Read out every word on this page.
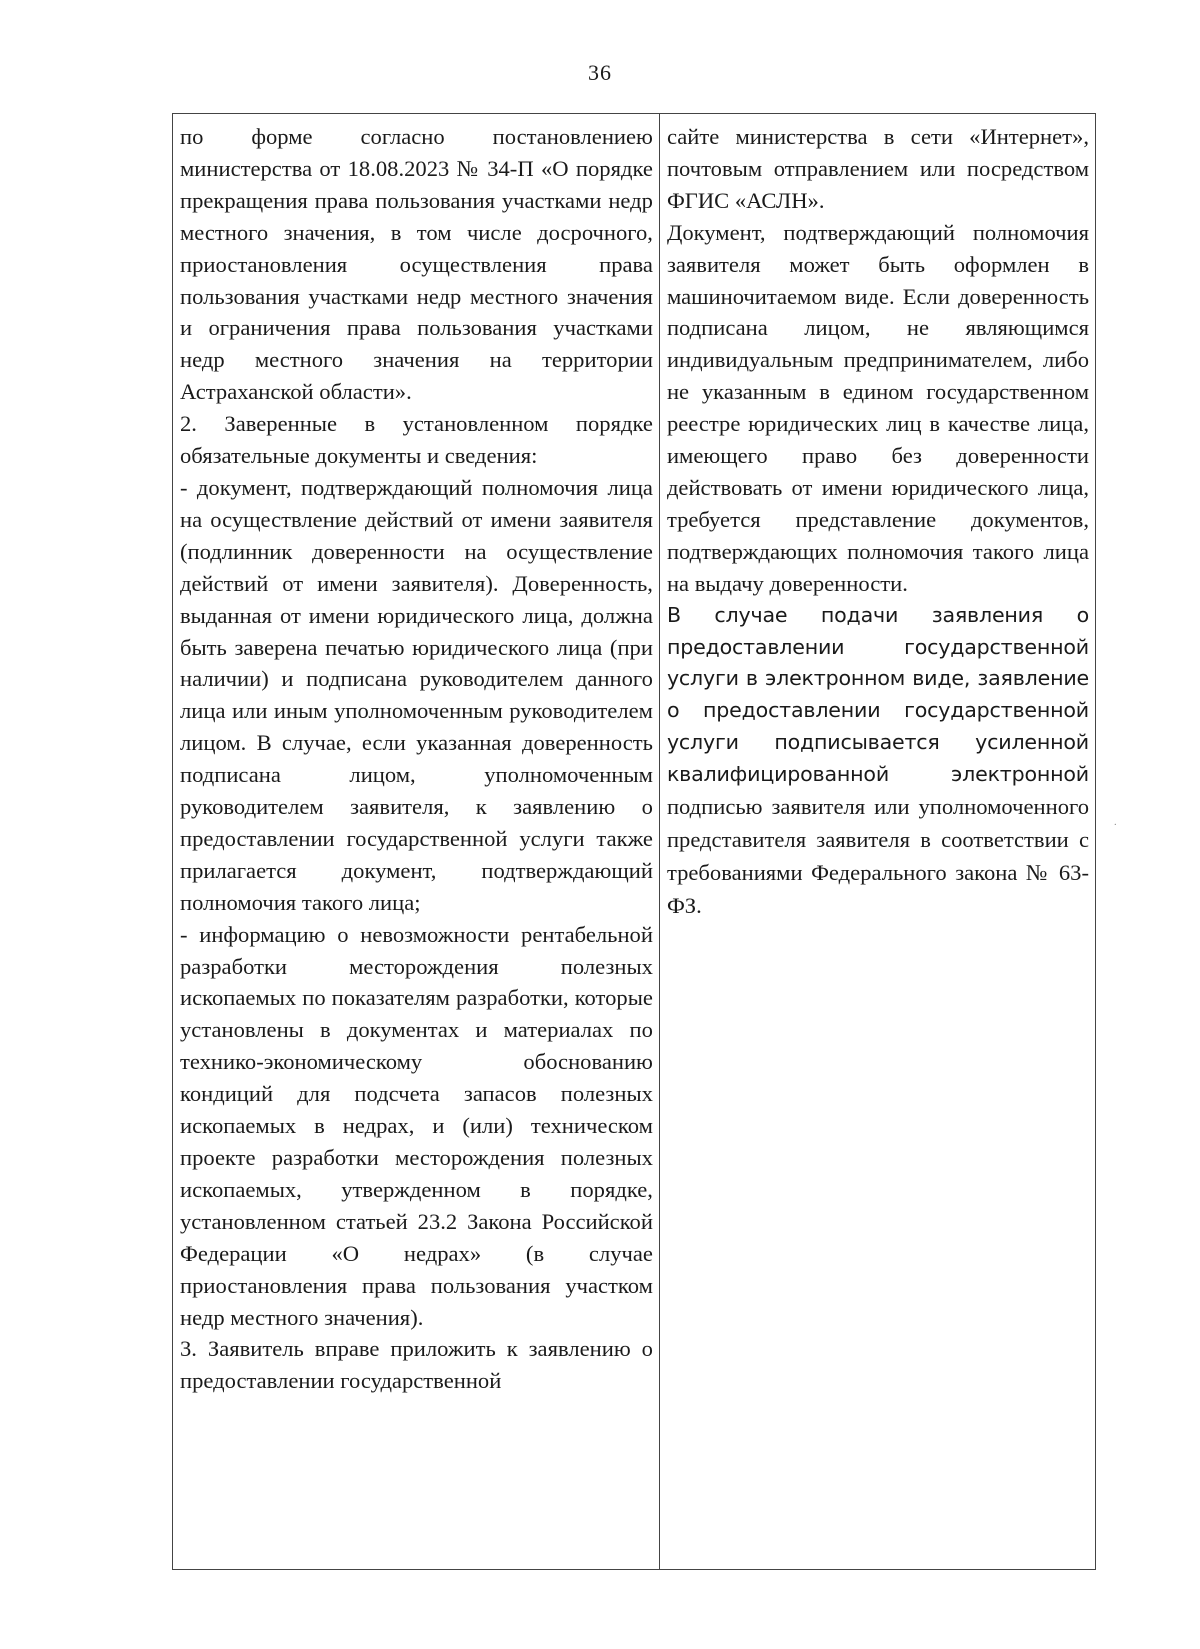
36

по форме согласно постановлениею министерства от 18.08.2023 № 34-П «О порядке прекращения права пользования участками недр местного значения, в том числе досрочного, приостановления осуществления права пользования участками недр местного значения и ограничения права пользования участками недр местного значения на территории Астраханской области».

2. Заверенные в установленном порядке обязательные документы и сведения:

- документ, подтверждающий полномочия лица на осуществление действий от имени заявителя (подлинник доверенности на осуществление действий от имени заявителя). Доверенность, выданная от имени юридического лица, должна быть заверена печатью юридического лица (при наличии) и подписана руководителем данного лица или иным уполномоченным руководителем лицом. В случае, если указанная доверенность подписана лицом, уполномоченным руководителем заявителя, к заявлению о предоставлении государственной услуги также прилагается документ, подтверждающий полномочия такого лица;

- информацию о невозможности рентабельной разработки месторождения полезных ископаемых по показателям разработки, которые установлены в документах и материалах по технико-экономическому обоснованию кондиций для подсчета запасов полезных ископаемых в недрах, и (или) техническом проекте разработки месторождения полезных ископаемых, утвержденном в порядке, установленном статьей 23.2 Закона Российской Федерации «О недрах» (в случае приостановления права пользования участком недр местного значения).

3. Заявитель вправе приложить к заявлению о предоставлении государственной

сайте министерства в сети «Интернет», почтовым отправлением или посредством ФГИС «АСЛН».

Документ, подтверждающий полномочия заявителя может быть оформлен в машиночитаемом виде. Если доверенность подписана лицом, не являющимся индивидуальным предпринимателем, либо не указанным в едином государственном реестре юридических лиц в качестве лица, имеющего право без доверенности действовать от имени юридического лица, требуется представление документов, подтверждающих полномочия такого лица на выдачу доверенности.

В случае подачи заявления о предоставлении государственной услуги в электронном виде, заявление о предоставлении государственной услуги подписывается усиленной квалифицированной электронной подписью заявителя или уполномоченного представителя заявителя в соответствии с требованиями Федерального закона № 63-ФЗ.

·
